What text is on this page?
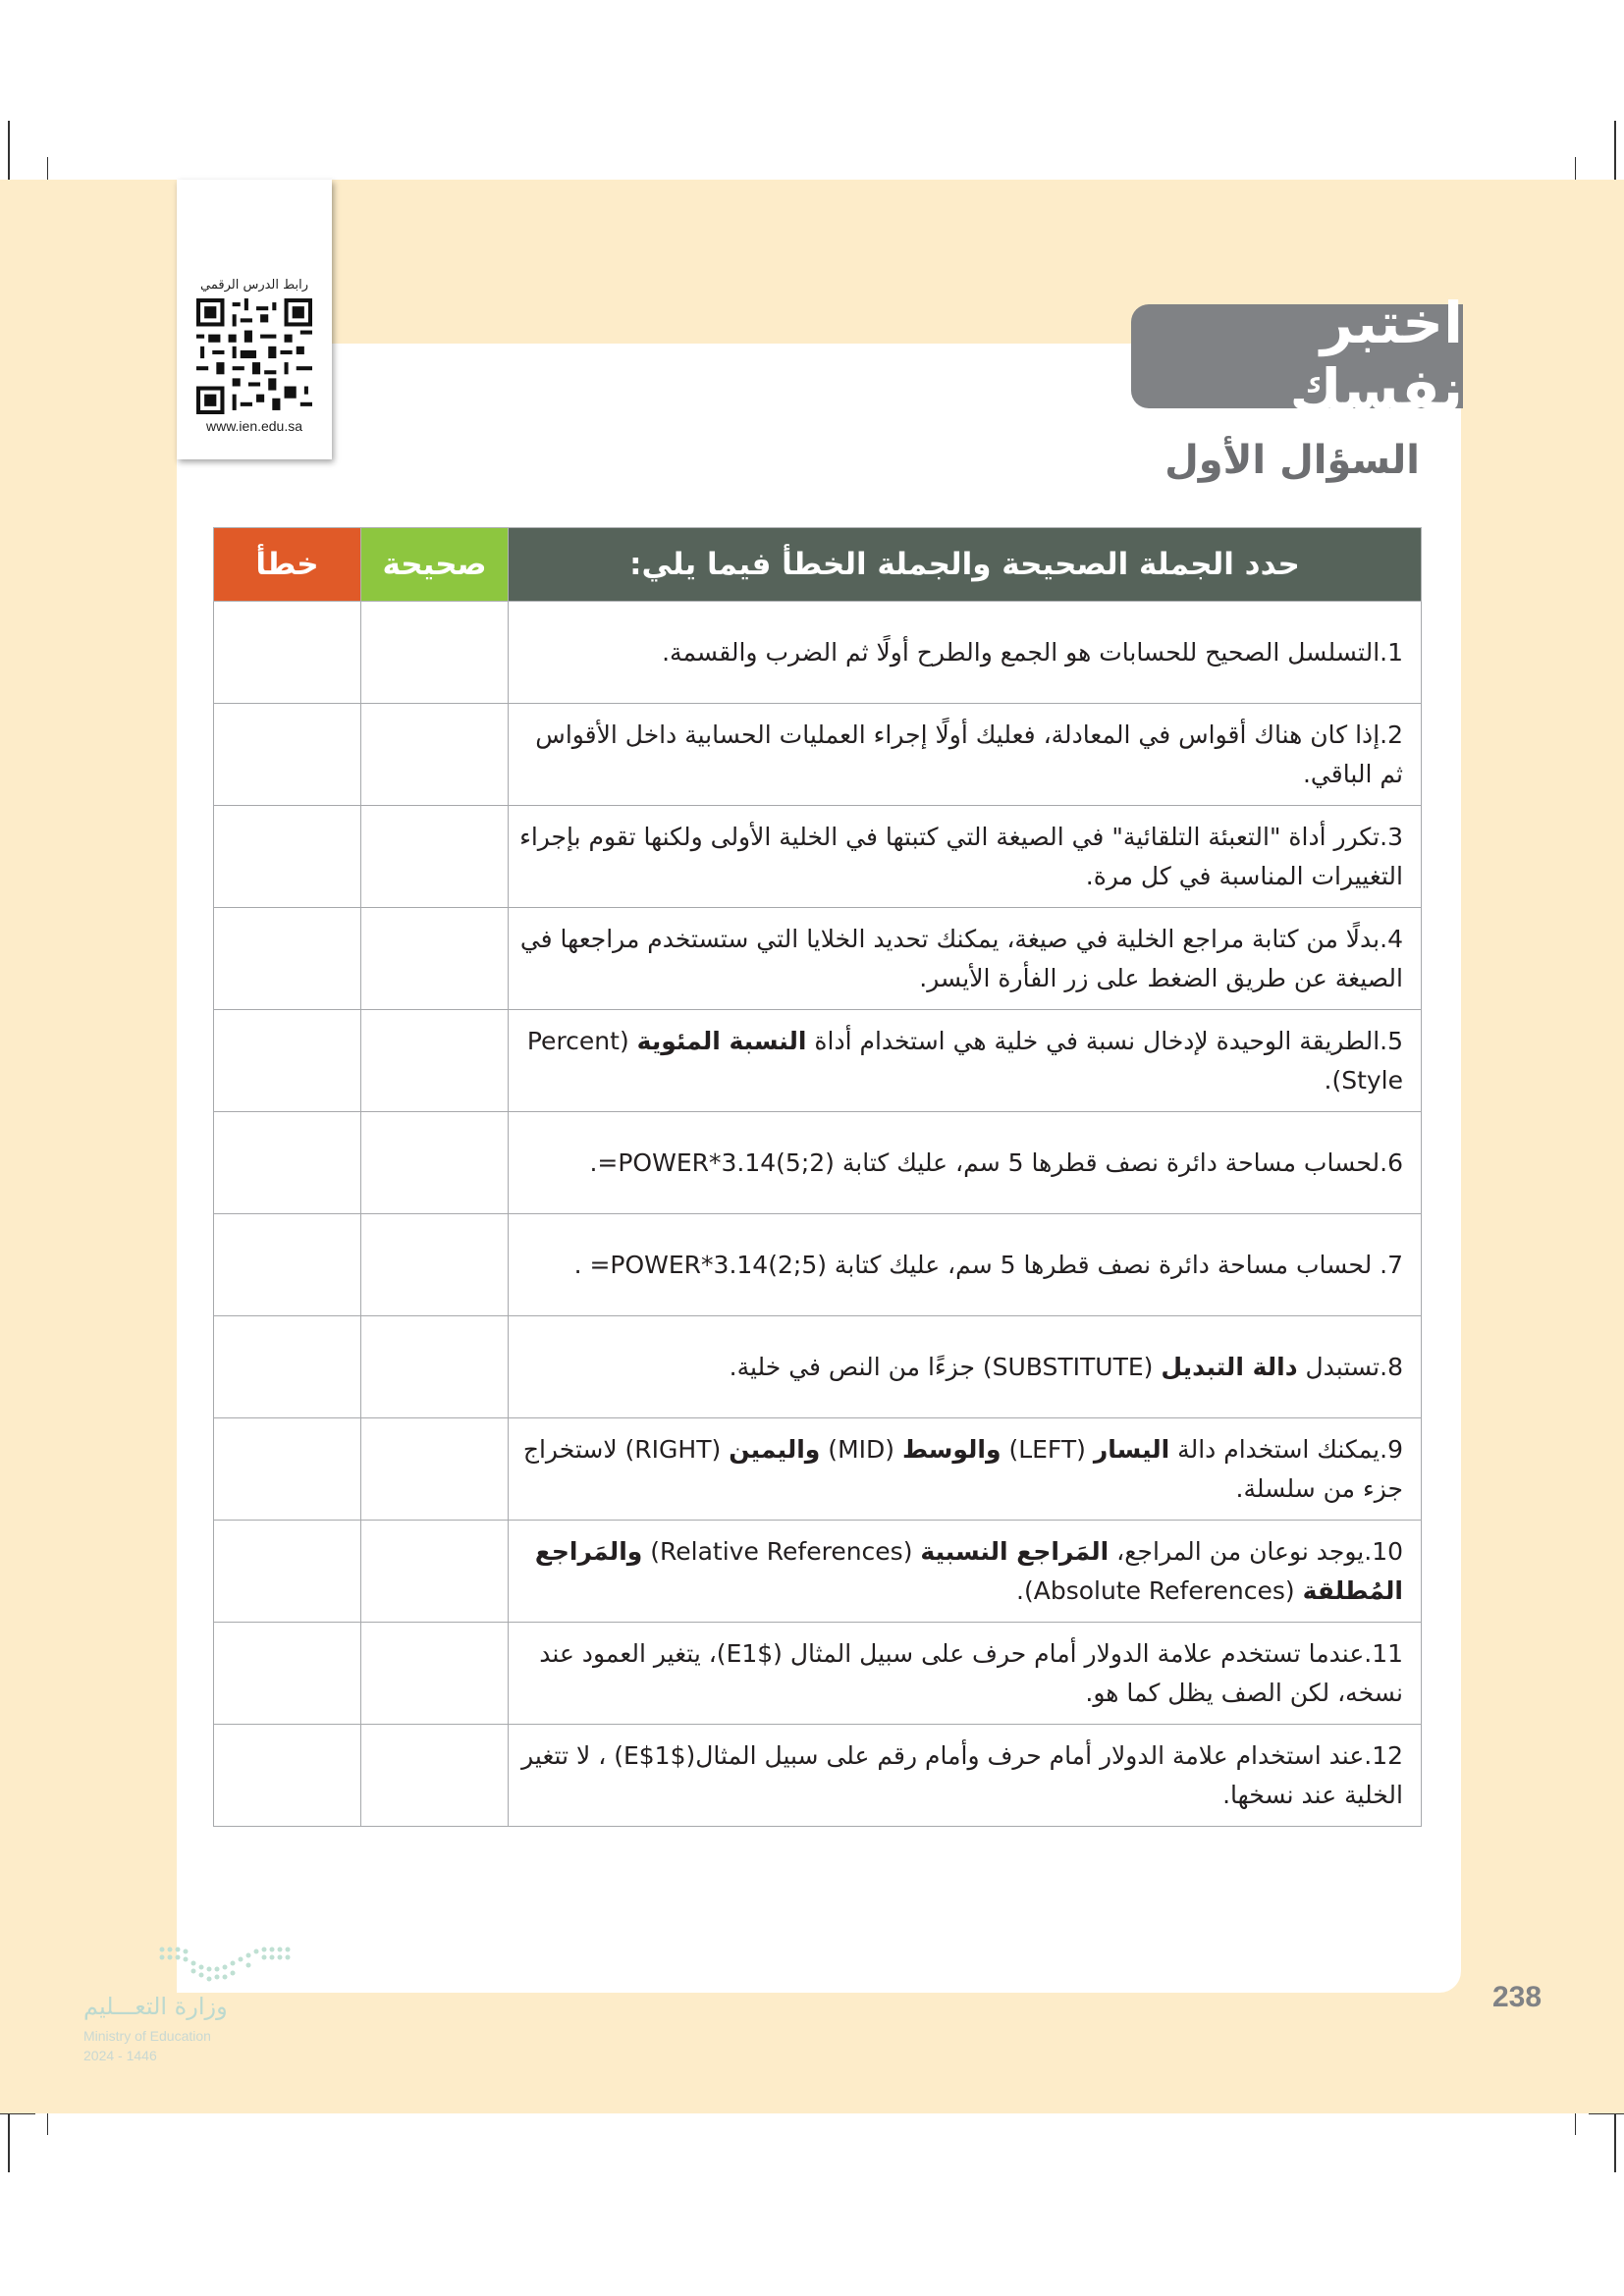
رابط الدرس الرقمي
www.ien.edu.sa
اختبر نفسك
السؤال الأول
حدد الجملة الصحيحة والجملة الخطأ فيما يلي:	صحيحة	خطأ
1.التسلسل الصحيح للحسابات هو الجمع والطرح أولًا ثم الضرب والقسمة.		
2.إذا كان هناك أقواس في المعادلة، فعليك أولًا إجراء العمليات الحسابية داخل الأقواس ثم الباقي.		
3.تكرر أداة "التعبئة التلقائية" في الصيغة التي كتبتها في الخلية الأولى ولكنها تقوم بإجراء التغييرات المناسبة في كل مرة.		
4.بدلًا من كتابة مراجع الخلية في صيغة، يمكنك تحديد الخلايا التي ستستخدم مراجعها في الصيغة عن طريق الضغط على زر الفأرة الأيسر.		
5.الطريقة الوحيدة لإدخال نسبة في خلية هي استخدام أداة النسبة المئوية (Percent Style).		
6.لحساب مساحة دائرة نصف قطرها 5 سم، عليك كتابة (2;5)3.14*POWER=.		
7. لحساب مساحة دائرة نصف قطرها 5 سم، عليك كتابة (5;2)3.14*POWER= .		
8.تستبدل دالة التبديل (SUBSTITUTE) جزءًا من النص في خلية.		
9.يمكنك استخدام دالة اليسار (LEFT) والوسط (MID) واليمين (RIGHT) لاستخراج جزء من سلسلة.		
10.يوجد نوعان من المراجع، المَراجع النسبية (Relative References) والمَراجع المُطلقة (Absolute References).		
11.عندما تستخدم علامة الدولار أمام حرف على سبيل المثال ($E1)، يتغير العمود عند نسخه، لكن الصف يظل كما هو.		
12.عند استخدام علامة الدولار أمام حرف وأمام رقم على سبيل المثال($E$1) ، لا تتغير الخلية عند نسخها.		
238
وزارة التعـــليم
Ministry of Education
2024 - 1446
